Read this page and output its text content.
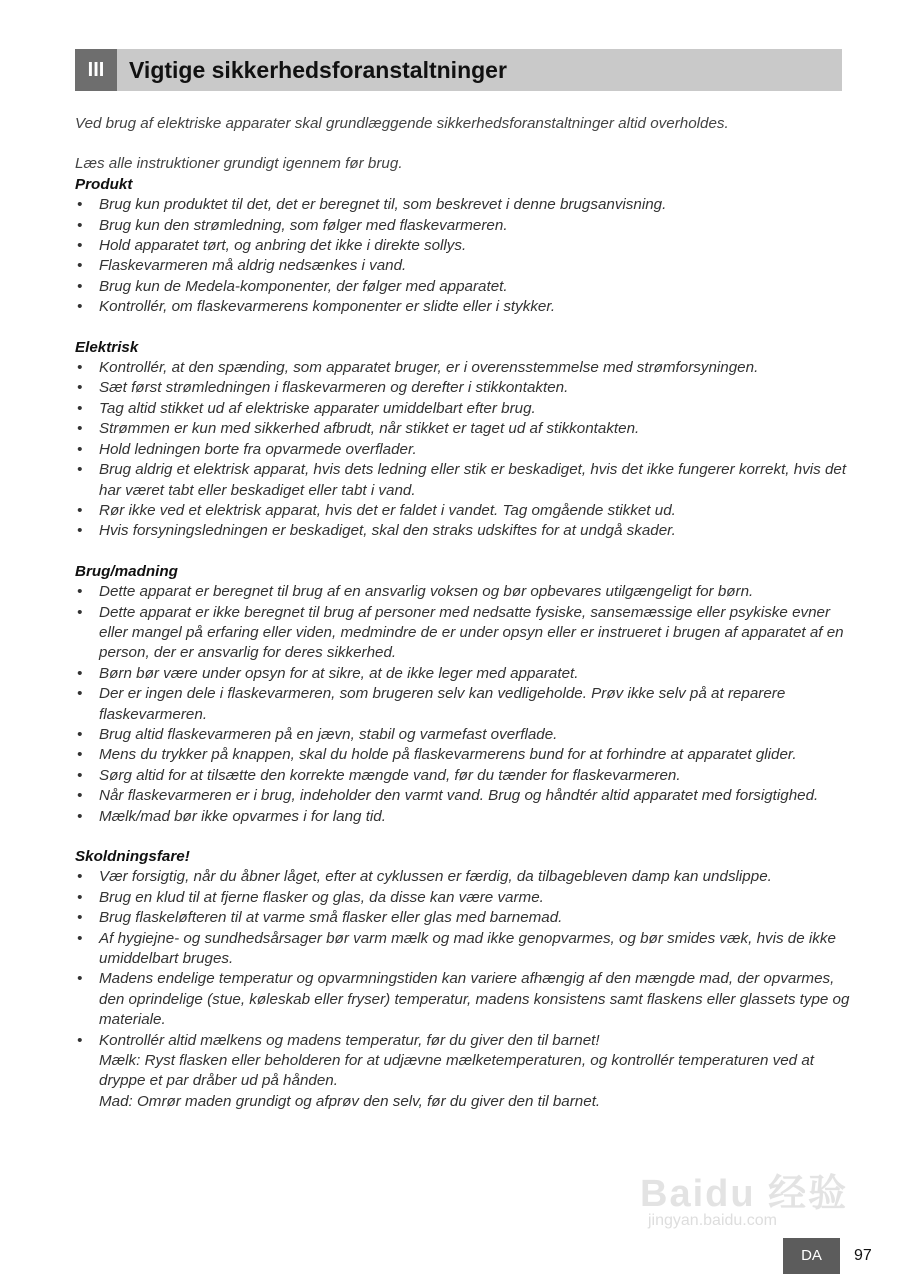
III	Vigtige sikkerhedsforanstaltninger

Ved brug af elektriske apparater skal grundlæggende sikkerhedsforanstaltninger altid overholdes.

Læs alle instruktioner grundigt igennem før brug.

Produkt

• Brug kun produktet til det, det er beregnet til, som beskrevet i denne brugsanvisning.
• Brug kun den strømledning, som følger med flaskevarmeren.
• Hold apparatet tørt, og anbring det ikke i direkte sollys.
• Flaskevarmeren må aldrig nedsænkes i vand.
• Brug kun de Medela-komponenter, der følger med apparatet.
• Kontrollér, om flaskevarmerens komponenter er slidte eller i stykker.

Elektrisk

• Kontrollér, at den spænding, som apparatet bruger, er i overensstemmelse med strømforsyningen.
• Sæt først strømledningen i flaskevarmeren og derefter i stikkontakten.
• Tag altid stikket ud af elektriske apparater umiddelbart efter brug.
• Strømmen er kun med sikkerhed afbrudt, når stikket er taget ud af stikkontakten.
• Hold ledningen borte fra opvarmede overflader.
• Brug aldrig et elektrisk apparat, hvis dets ledning eller stik er beskadiget, hvis det ikke fungerer korrekt, hvis det har været tabt eller beskadiget eller tabt i vand.
• Rør ikke ved et elektrisk apparat, hvis det er faldet i vandet. Tag omgående stikket ud.
• Hvis forsyningsledningen er beskadiget, skal den straks udskiftes for at undgå skader.

Brug/madning

• Dette apparat er beregnet til brug af en ansvarlig voksen og bør opbevares utilgængeligt for børn.
• Dette apparat er ikke beregnet til brug af personer med nedsatte fysiske, sansemæssige eller psykiske evner eller mangel på erfaring eller viden, medmindre de er under opsyn eller er instrueret i brugen af apparatet af en person, der er ansvarlig for deres sikkerhed.
• Børn bør være under opsyn for at sikre, at de ikke leger med apparatet.
• Der er ingen dele i flaskevarmeren, som brugeren selv kan vedligeholde. Prøv ikke selv på at reparere flaskevarmeren.
• Brug altid flaskevarmeren på en jævn, stabil og varmefast overflade.
• Mens du trykker på knappen, skal du holde på flaskevarmerens bund for at forhindre at apparatet glider.
• Sørg altid for at tilsætte den korrekte mængde vand, før du tænder for flaskevarmeren.
• Når flaskevarmeren er i brug, indeholder den varmt vand. Brug og håndtér altid apparatet med forsigtighed.
• Mælk/mad bør ikke opvarmes i for lang tid.

Skoldningsfare!

• Vær forsigtig, når du åbner låget, efter at cyklussen er færdig, da tilbagebleven damp kan undslippe.
• Brug en klud til at fjerne flasker og glas, da disse kan være varme.
• Brug flaskeløfteren til at varme små flasker eller glas med barnemad.
• Af hygiejne- og sundhedsårsager bør varm mælk og mad ikke genopvarmes, og bør smides væk, hvis de ikke umiddelbart bruges.
• Madens endelige temperatur og opvarmningstiden kan variere afhængig af den mængde mad, der opvarmes, den oprindelige (stue, køleskab eller fryser) temperatur, madens konsistens samt flaskens eller glassets type og materiale.
• Kontrollér altid mælkens og madens temperatur, før du giver den til barnet!
Mælk: Ryst flasken eller beholderen for at udjævne mælketemperaturen, og kontrollér temperaturen ved at dryppe et par dråber ud på hånden.
Mad: Omrør maden grundigt og afprøv den selv, før du giver den til barnet.
Baidu 经验
jingyan.baidu.com
DA	97
